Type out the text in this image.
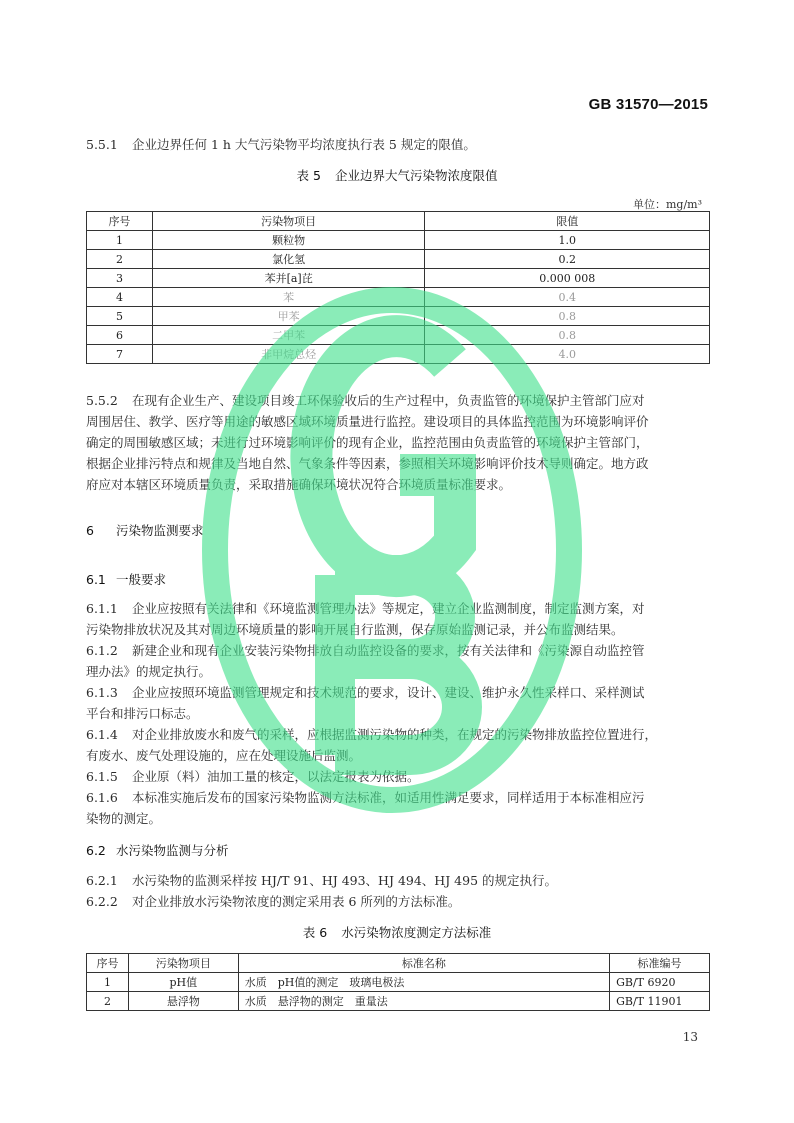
GB 31570—2015
5.5.1 企业边界任何 1 h 大气污染物平均浓度执行表 5 规定的限值。
表 5 企业边界大气污染物浓度限值
单位：mg/m³
序号	污染物项目	限值
1	颗粒物	1.0
2	氯化氢	0.2
3	苯并[a]芘	0.000 008
4	苯	0.4
5	甲苯	0.8
6	二甲苯	0.8
7	非甲烷总烃	4.0
5.5.2 在现有企业生产、建设项目竣工环保验收后的生产过程中，负责监管的环境保护主管部门应对
周围居住、教学、医疗等用途的敏感区域环境质量进行监控。建设项目的具体监控范围为环境影响评价
确定的周围敏感区域；未进行过环境影响评价的现有企业，监控范围由负责监管的环境保护主管部门，
根据企业排污特点和规律及当地自然、气象条件等因素，参照相关环境影响评价技术导则确定。地方政
府应对本辖区环境质量负责，采取措施确保环境状况符合环境质量标准要求。
6 污染物监测要求
6.1 一般要求
6.1.1 企业应按照有关法律和《环境监测管理办法》等规定，建立企业监测制度，制定监测方案，对
污染物排放状况及其对周边环境质量的影响开展自行监测，保存原始监测记录，并公布监测结果。
6.1.2 新建企业和现有企业安装污染物排放自动监控设备的要求，按有关法律和《污染源自动监控管
理办法》的规定执行。
6.1.3 企业应按照环境监测管理规定和技术规范的要求，设计、建设、维护永久性采样口、采样测试
平台和排污口标志。
6.1.4 对企业排放废水和废气的采样，应根据监测污染物的种类，在规定的污染物排放监控位置进行，
有废水、废气处理设施的，应在处理设施后监测。
6.1.5 企业原（料）油加工量的核定，以法定报表为依据。
6.1.6 本标准实施后发布的国家污染物监测方法标准，如适用性满足要求，同样适用于本标准相应污
染物的测定。
6.2 水污染物监测与分析
6.2.1 水污染物的监测采样按 HJ/T 91、HJ 493、HJ 494、HJ 495 的规定执行。
6.2.2 对企业排放水污染物浓度的测定采用表 6 所列的方法标准。
表 6 水污染物浓度测定方法标准
序号	污染物项目	标准名称	标准编号
1	pH值	水质　pH值的测定　玻璃电极法	GB/T 6920
2	悬浮物	水质　悬浮物的测定　重量法	GB/T 11901
13
